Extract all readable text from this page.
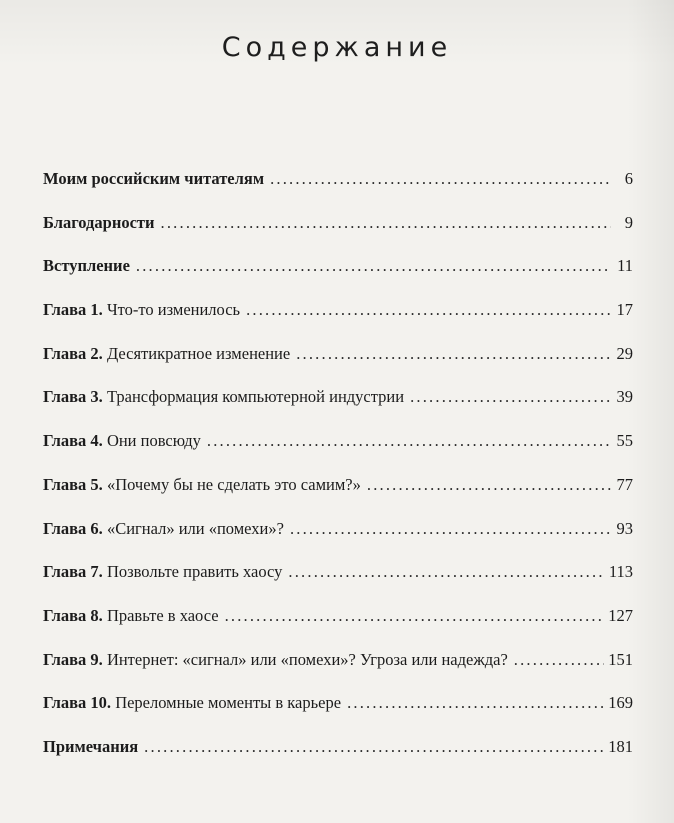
Содержание
Моим российским читателям .....	6
Благодарности .....	9
Вступление .....	11
Глава 1. Что-то изменилось .....	17
Глава 2. Десятикратное изменение .....	29
Глава 3. Трансформация компьютерной индустрии .....	39
Глава 4. Они повсюду .....	55
Глава 5. «Почему бы не сделать это самим?» .....	77
Глава 6. «Сигнал» или «помехи»? .....	93
Глава 7. Позвольте править хаосу .....	113
Глава 8. Правьте в хаосе .....	127
Глава 9. Интернет: «сигнал» или «помехи»? Угроза или надежда? .....	151
Глава 10. Переломные моменты в карьере .....	169
Примечания .....	181
